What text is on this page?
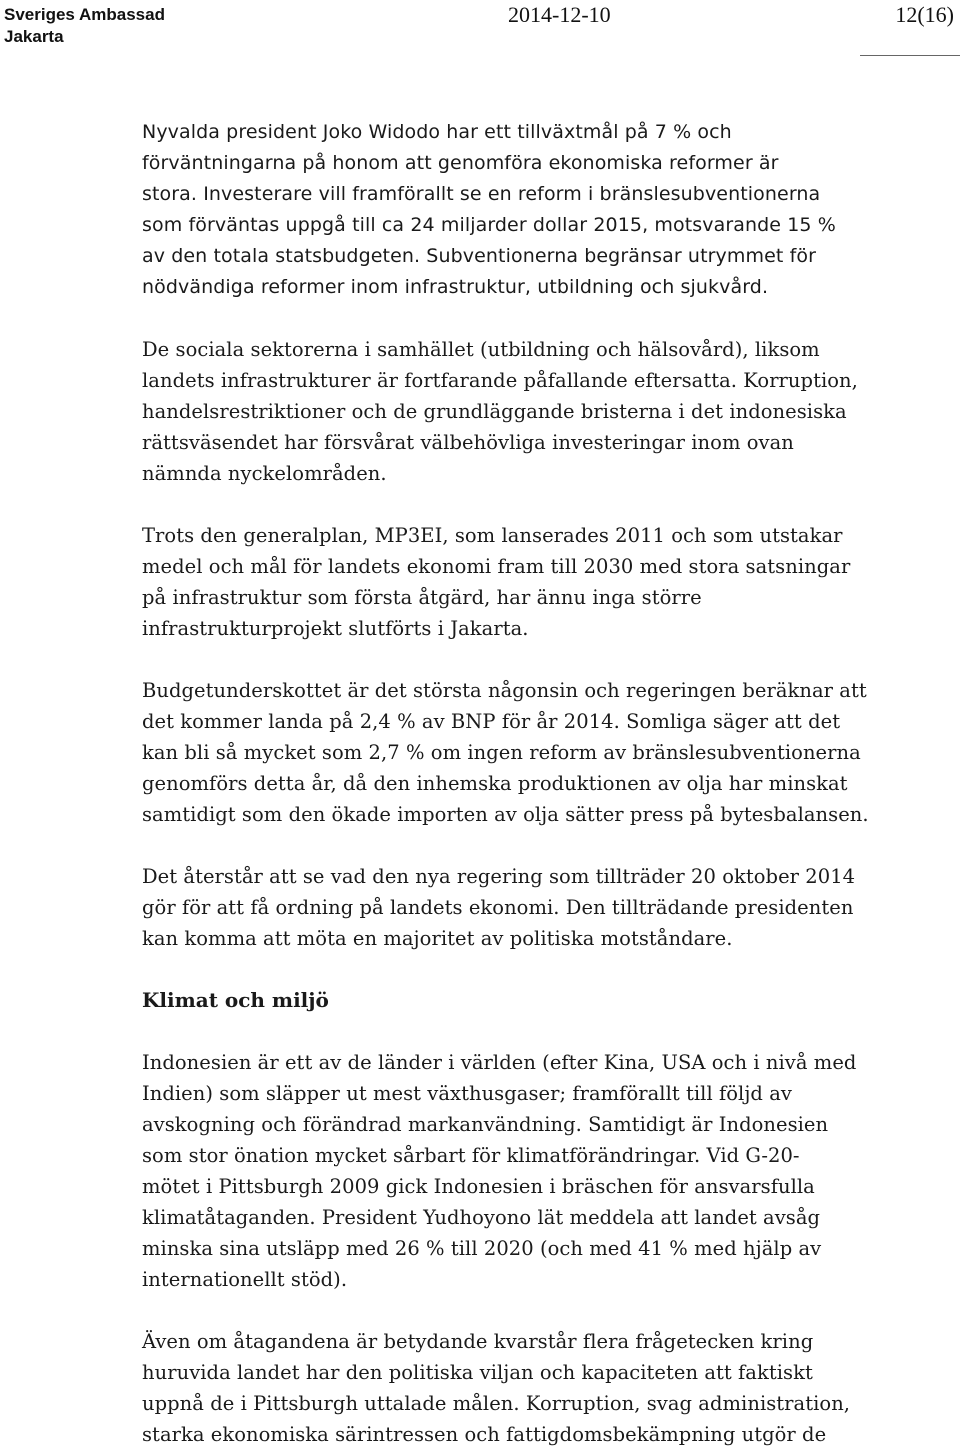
Sveriges Ambassad
Jakarta
2014-12-10	12(16)

Nyvalda president Joko Widodo har ett tillväxtmål på 7 % och
förväntningarna på honom att genomföra ekonomiska reformer är
stora. Investerare vill framförallt se en reform i bränslesubventionerna
som förväntas uppgå till ca 24 miljarder dollar 2015, motsvarande 15 %
av den totala statsbudgeten. Subventionerna begränsar utrymmet för
nödvändiga reformer inom infrastruktur, utbildning och sjukvård.

De sociala sektorerna i samhället (utbildning och hälsovård), liksom
landets infrastrukturer är fortfarande påfallande eftersatta. Korruption,
handelsrestriktioner och de grundläggande bristerna i det indonesiska
rättsväsendet har försvårat välbehövliga investeringar inom ovan
nämnda nyckelområden.

Trots den generalplan, MP3EI, som lanserades 2011 och som utstakar
medel och mål för landets ekonomi fram till 2030 med stora satsningar
på infrastruktur som första åtgärd, har ännu inga större
infrastrukturprojekt slutförts i Jakarta.

Budgetunderskottet är det största någonsin och regeringen beräknar att
det kommer landa på 2,4 % av BNP för år 2014. Somliga säger att det
kan bli så mycket som 2,7 % om ingen reform av bränslesubventionerna
genomförs detta år, då den inhemska produktionen av olja har minskat
samtidigt som den ökade importen av olja sätter press på bytesbalansen.

Det återstår att se vad den nya regering som tillträder 20 oktober 2014
gör för att få ordning på landets ekonomi. Den tillträdande presidenten
kan komma att möta en majoritet av politiska motståndare.

Klimat och miljö

Indonesien är ett av de länder i världen (efter Kina, USA och i nivå med
Indien) som släpper ut mest växthusgaser; framförallt till följd av
avskogning och förändrad markanvändning. Samtidigt är Indonesien
som stor önation mycket sårbart för klimatförändringar. Vid G-20-
mötet i Pittsburgh 2009 gick Indonesien i bräschen för ansvarsfulla
klimatåtaganden. President Yudhoyono lät meddela att landet avsåg
minska sina utsläpp med 26 % till 2020 (och med 41 % med hjälp av
internationellt stöd).

Även om åtagandena är betydande kvarstår flera frågetecken kring
huruvida landet har den politiska viljan och kapaciteten att faktiskt
uppnå de i Pittsburgh uttalade målen. Korruption, svag administration,
starka ekonomiska särintressen och fattigdomsbekämpning utgör de
